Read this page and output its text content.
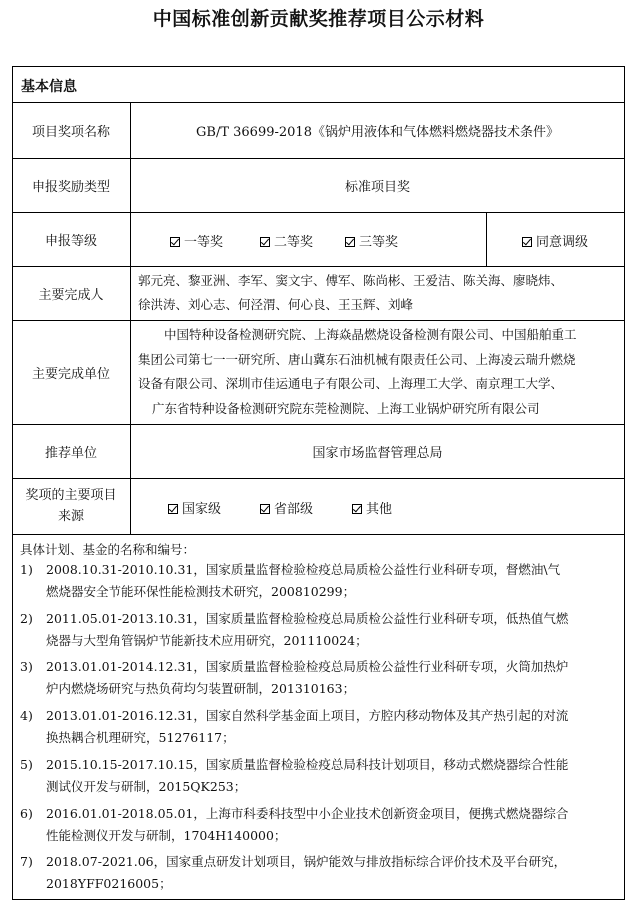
中国标准创新贡献奖推荐项目公示材料
基本信息
项目奖项名称	GB/T 36699-2018《锅炉用液体和气体燃料燃烧器技术条件》
申报奖励类型	标准项目奖
申报等级	一等奖	二等奖	三等奖	同意调级
主要完成人
郭元亮、黎亚洲、李军、窦文宇、傅军、陈尚彬、王爱洁、陈关海、廖晓炜、
徐洪涛、刘心志、何泾渭、何心良、王玉辉、刘峰
主要完成单位
中国特种设备检测研究院、上海焱晶燃烧设备检测有限公司、中国船舶重工
集团公司第七一一研究所、唐山冀东石油机械有限责任公司、上海凌云瑞升燃烧
设备有限公司、深圳市佳运通电子有限公司、上海理工大学、南京理工大学、
广东省特种设备检测研究院东莞检测院、上海工业锅炉研究所有限公司
推荐单位	国家市场监督管理总局
奖项的主要项目
来源	国家级	省部级	其他
具体计划、基金的名称和编号：
1)	2008.10.31-2010.10.31，国家质量监督检验检疫总局质检公益性行业科研专项，督燃油\气
燃烧器安全节能环保性能检测技术研究，200810299；
2)	2011.05.01-2013.10.31，国家质量监督检验检疫总局质检公益性行业科研专项，低热值气燃
烧器与大型角管锅炉节能新技术应用研究，201110024；
3)	2013.01.01-2014.12.31，国家质量监督检验检疫总局质检公益性行业科研专项，火筒加热炉
炉内燃烧场研究与热负荷均匀装置研制，201310163；
4)	2013.01.01-2016.12.31，国家自然科学基金面上项目，方腔内移动物体及其产热引起的对流
换热耦合机理研究，51276117；
5)	2015.10.15-2017.10.15，国家质量监督检验检疫总局科技计划项目，移动式燃烧器综合性能
测试仪开发与研制，2015QK253；
6)	2016.01.01-2018.05.01，上海市科委科技型中小企业技术创新资金项目，便携式燃烧器综合
性能检测仪开发与研制，1704H140000；
7)	2018.07-2021.06，国家重点研发计划项目，锅炉能效与排放指标综合评价技术及平台研究，
2018YFF0216005；
